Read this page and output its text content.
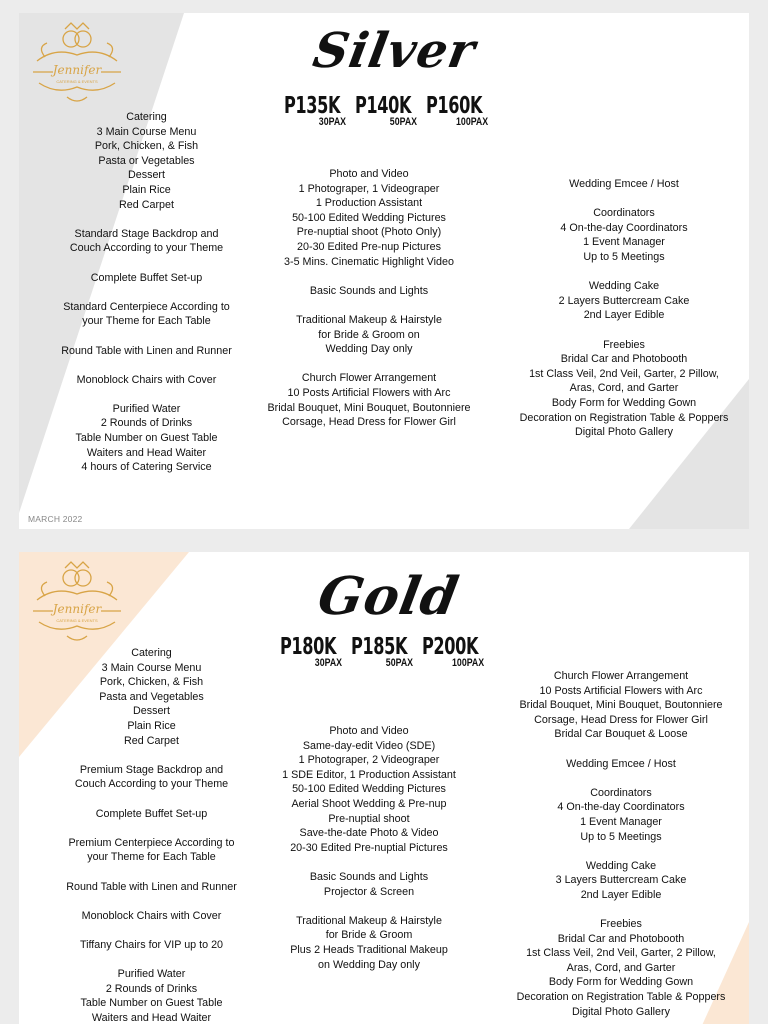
Jennifer
CATERING & EVENTS
Silver
P135K
30PAX
P140K
50PAX
P160K
100PAX
Catering
3 Main Course Menu
Pork, Chicken, & Fish
Pasta or Vegetables
Dessert
Plain Rice
Red Carpet
Standard Stage Backdrop and
Couch According to your Theme
Complete Buffet Set-up
Standard Centerpiece According to
your Theme for Each Table
Round Table with Linen and Runner
Monoblock Chairs with Cover
Purified Water
2 Rounds of Drinks
Table Number on Guest Table
Waiters and Head Waiter
4 hours of Catering Service
Photo and Video
1 Photograper, 1 Videograper
1 Production Assistant
50-100 Edited Wedding Pictures
Pre-nuptial shoot (Photo Only)
20-30 Edited Pre-nup Pictures
3-5 Mins. Cinematic Highlight Video
Basic Sounds and Lights
Traditional Makeup & Hairstyle
for Bride & Groom on
Wedding Day only
Church Flower Arrangement
10 Posts Artificial Flowers with Arc
Bridal Bouquet, Mini Bouquet, Boutonniere
Corsage, Head Dress for Flower Girl
Wedding Emcee / Host
Coordinators
4 On-the-day Coordinators
1 Event Manager
Up to 5 Meetings
Wedding Cake
2 Layers Buttercream Cake
2nd Layer Edible
Freebies
Bridal Car and Photobooth
1st Class Veil, 2nd Veil, Garter, 2 Pillow,
Aras, Cord, and Garter
Body Form for Wedding Gown
Decoration on Registration Table & Poppers
Digital Photo Gallery
MARCH 2022
Jennifer
CATERING & EVENTS	Gold
P180K
30PAX
P185K
50PAX
P200K
100PAX
Catering
3 Main Course Menu
Pork, Chicken, & Fish
Pasta and Vegetables
Dessert
Plain Rice
Red Carpet
Premium Stage Backdrop and
Couch According to your Theme
Complete Buffet Set-up
Premium Centerpiece According to
your Theme for Each Table
Round Table with Linen and Runner
Monoblock Chairs with Cover
Tiffany Chairs for VIP up to 20
Purified Water
2 Rounds of Drinks
Table Number on Guest Table
Waiters and Head Waiter
Photo and Video
Same-day-edit Video (SDE)
1 Photograper, 2 Videograper
1 SDE Editor, 1 Production Assistant
50-100 Edited Wedding Pictures
Aerial Shoot Wedding & Pre-nup
Pre-nuptial shoot
Save-the-date Photo & Video
20-30 Edited Pre-nuptial Pictures
Basic Sounds and Lights
Projector & Screen
Traditional Makeup & Hairstyle
for Bride & Groom
Plus 2 Heads Traditional Makeup
on Wedding Day only
Church Flower Arrangement
10 Posts Artificial Flowers with Arc
Bridal Bouquet, Mini Bouquet, Boutonniere
Corsage, Head Dress for Flower Girl
Bridal Car Bouquet & Loose
Wedding Emcee / Host
Coordinators
4 On-the-day Coordinators
1 Event Manager
Up to 5 Meetings
Wedding Cake
3 Layers Buttercream Cake
2nd Layer Edible
Freebies
Bridal Car and Photobooth
1st Class Veil, 2nd Veil, Garter, 2 Pillow,
Aras, Cord, and Garter
Body Form for Wedding Gown
Decoration on Registration Table & Poppers
Digital Photo Gallery
